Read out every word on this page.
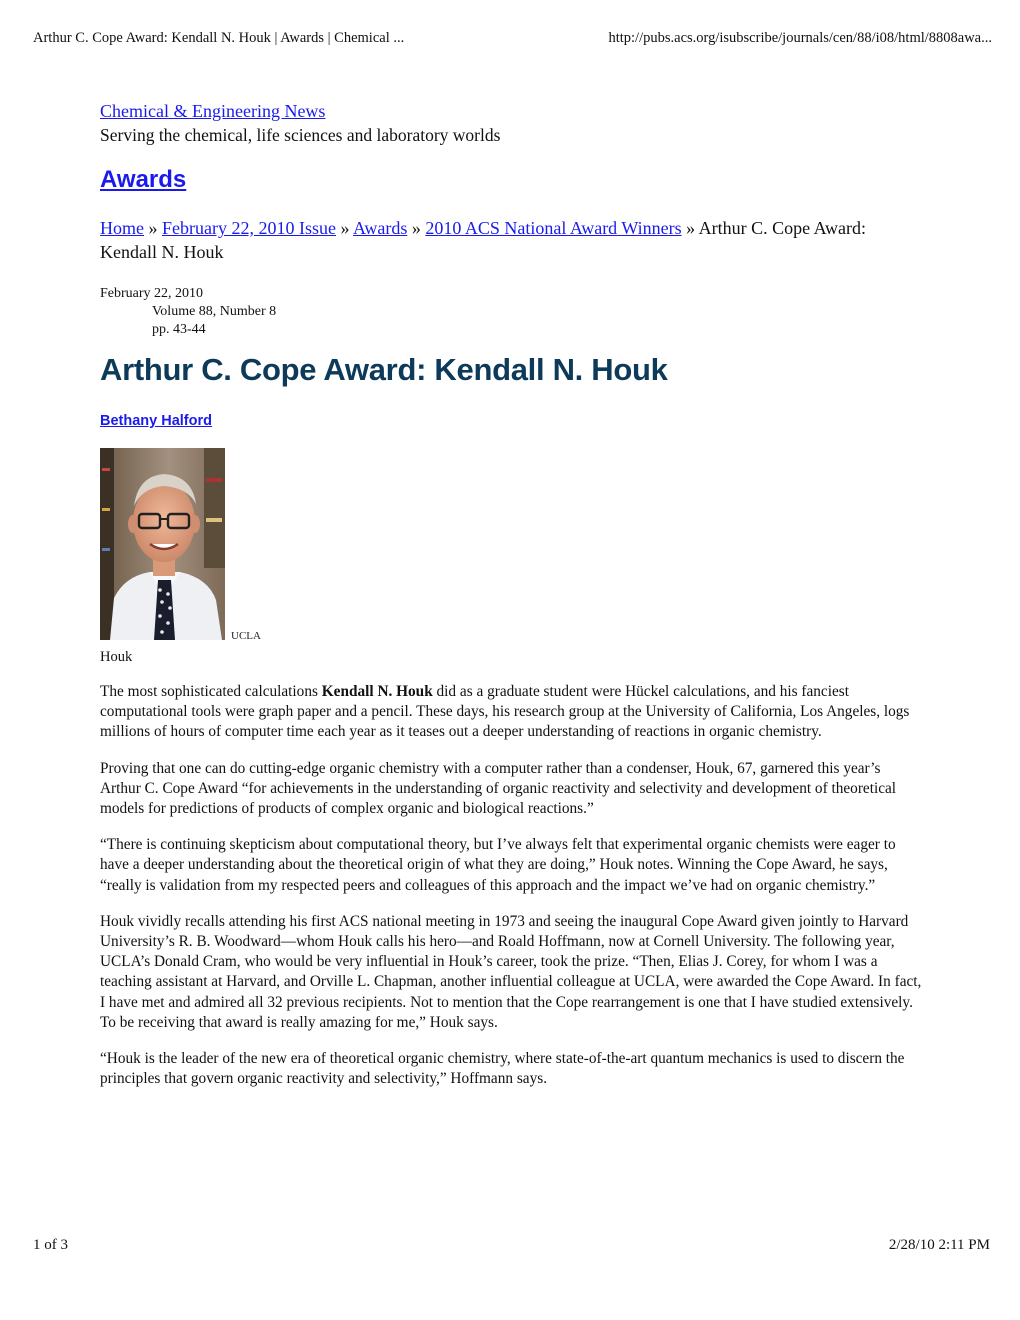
Arthur C. Cope Award: Kendall N. Houk | Awards | Chemical ...	http://pubs.acs.org/isubscribe/journals/cen/88/i08/html/8808awa...
Chemical & Engineering News
Serving the chemical, life sciences and laboratory worlds
Awards
Home » February 22, 2010 Issue » Awards » 2010 ACS National Award Winners » Arthur C. Cope Award: Kendall N. Houk
February 22, 2010
Volume 88, Number 8
pp. 43-44
Arthur C. Cope Award: Kendall N. Houk
Bethany Halford
UCLA
Houk

The most sophisticated calculations Kendall N. Houk did as a graduate student were Hückel calculations, and his fanciest computational tools were graph paper and a pencil. These days, his research group at the University of California, Los Angeles, logs millions of hours of computer time each year as it teases out a deeper understanding of reactions in organic chemistry.

Proving that one can do cutting-edge organic chemistry with a computer rather than a condenser, Houk, 67, garnered this year’s Arthur C. Cope Award “for achievements in the understanding of organic reactivity and selectivity and development of theoretical models for predictions of products of complex organic and biological reactions.”

“There is continuing skepticism about computational theory, but I’ve always felt that experimental organic chemists were eager to have a deeper understanding about the theoretical origin of what they are doing,” Houk notes. Winning the Cope Award, he says, “really is validation from my respected peers and colleagues of this approach and the impact we’ve had on organic chemistry.”

Houk vividly recalls attending his first ACS national meeting in 1973 and seeing the inaugural Cope Award given jointly to Harvard University’s R. B. Woodward—whom Houk calls his hero—and Roald Hoffmann, now at Cornell University. The following year, UCLA’s Donald Cram, who would be very influential in Houk’s career, took the prize. “Then, Elias J. Corey, for whom I was a teaching assistant at Harvard, and Orville L. Chapman, another influential colleague at UCLA, were awarded the Cope Award. In fact, I have met and admired all 32 previous recipients. Not to mention that the Cope rearrangement is one that I have studied extensively. To be receiving that award is really amazing for me,” Houk says.

“Houk is the leader of the new era of theoretical organic chemistry, where state-of-the-art quantum mechanics is used to discern the principles that govern organic reactivity and selectivity,” Hoffmann says.

1 of 3	2/28/10 2:11 PM
